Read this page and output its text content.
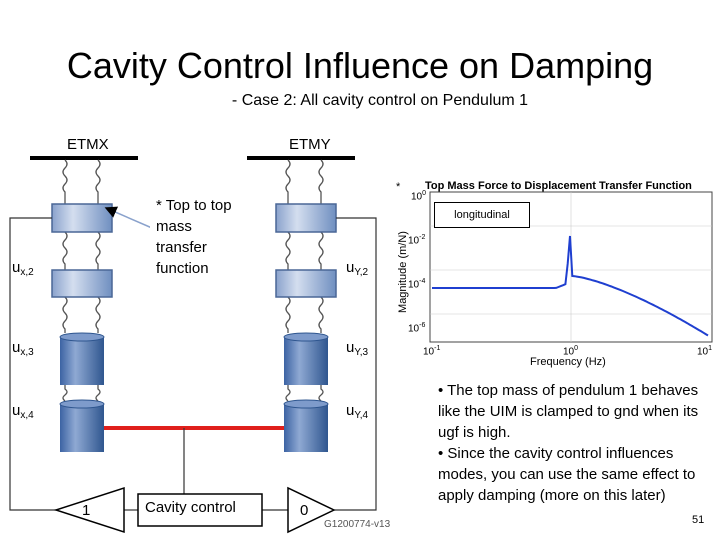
Cavity Control Influence on Damping
- Case 2: All cavity control on Pendulum 1
ETMX	ETMY
$u_{x,2}$
$u_{x,3}$
$u_{x,4}$
$u_{Y,2}$
$u_{Y,3}$
$u_{Y,4}$
* Top to top mass transfer function
1	0
Cavity control
* Top Mass Force to Displacement Transfer Function
longitudinal
Magnitude (m/N)
Frequency (Hz)
$10^0$
$10^{-2}$
$10^{-4}$
$10^{-6}$
$10^{-1}$	$10^0$	$10^1$

• The top mass of pendulum 1 behaves like the UIM is clamped to gnd when its ugf is high.

• Since the cavity control influences modes, you can use the same effect to apply damping (more on this later)

G1200774-v13	51
